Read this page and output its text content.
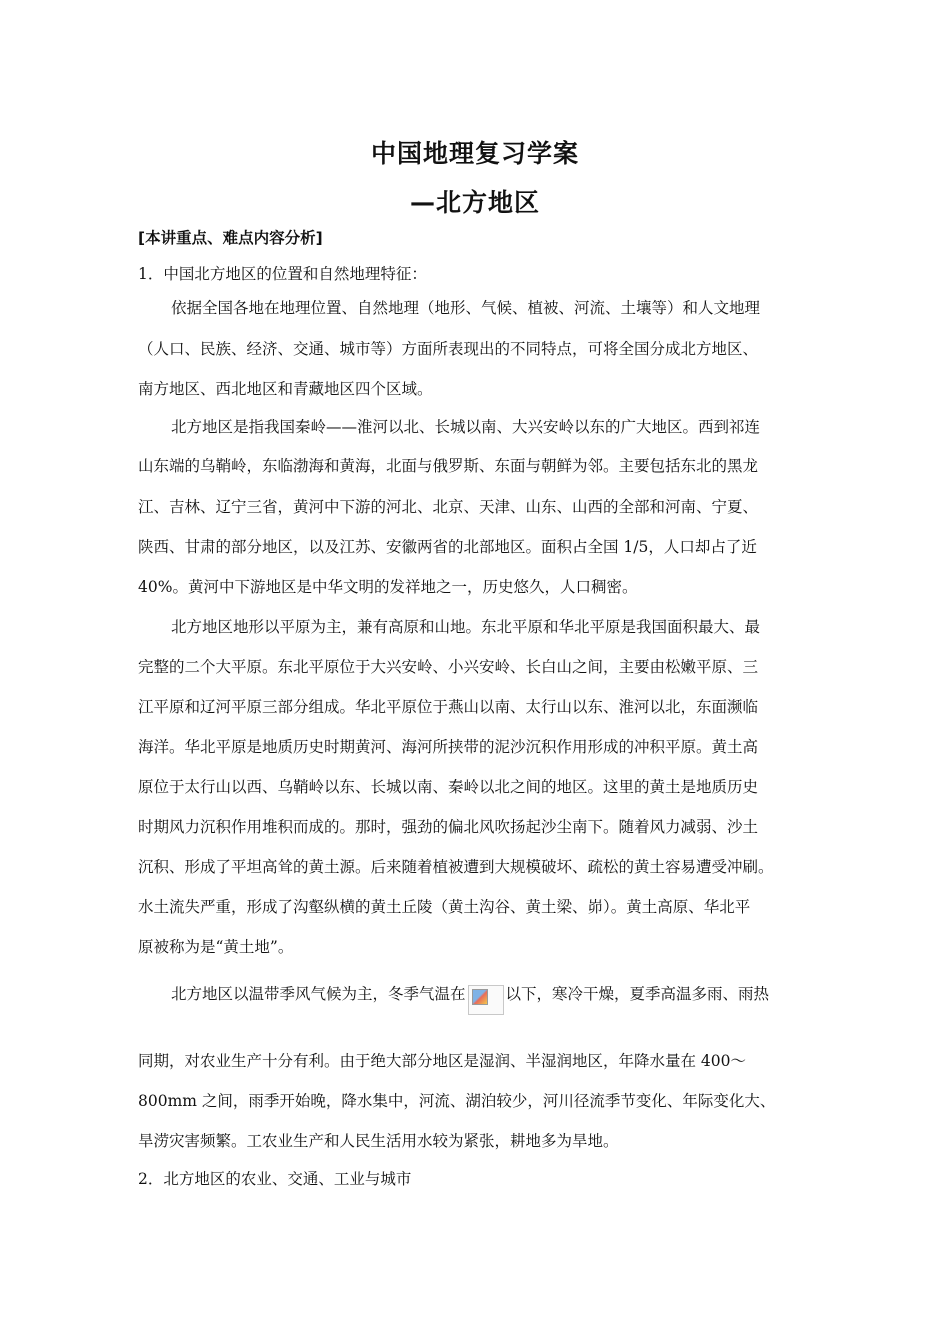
中国地理复习学案
—北方地区
[本讲重点、难点内容分析]
1．中国北方地区的位置和自然地理特征：
依据全国各地在地理位置、自然地理（地形、气候、植被、河流、土壤等）和人文地理
（人口、民族、经济、交通、城市等）方面所表现出的不同特点，可将全国分成北方地区、
南方地区、西北地区和青藏地区四个区域。
北方地区是指我国秦岭——淮河以北、长城以南、大兴安岭以东的广大地区。西到祁连
山东端的乌鞘岭，东临渤海和黄海，北面与俄罗斯、东面与朝鲜为邻。主要包括东北的黑龙
江、吉林、辽宁三省，黄河中下游的河北、北京、天津、山东、山西的全部和河南、宁夏、
陕西、甘肃的部分地区，以及江苏、安徽两省的北部地区。面积占全国 1/5，人口却占了近
40%。黄河中下游地区是中华文明的发祥地之一，历史悠久，人口稠密。
北方地区地形以平原为主，兼有高原和山地。东北平原和华北平原是我国面积最大、最
完整的二个大平原。东北平原位于大兴安岭、小兴安岭、长白山之间，主要由松嫩平原、三
江平原和辽河平原三部分组成。华北平原位于燕山以南、太行山以东、淮河以北，东面濒临
海洋。华北平原是地质历史时期黄河、海河所挟带的泥沙沉积作用形成的冲积平原。黄土高
原位于太行山以西、乌鞘岭以东、长城以南、秦岭以北之间的地区。这里的黄土是地质历史
时期风力沉积作用堆积而成的。那时，强劲的偏北风吹扬起沙尘南下。随着风力减弱、沙土
沉积、形成了平坦高耸的黄土源。后来随着植被遭到大规模破坏、疏松的黄土容易遭受冲刷。
水土流失严重，形成了沟壑纵横的黄土丘陵（黄土沟谷、黄土梁、峁）。黄土高原、华北平
原被称为是“黄土地”。
北方地区以温带季风气候为主，冬季气温在	以下，寒冷干燥，夏季高温多雨、雨热
同期，对农业生产十分有利。由于绝大部分地区是湿润、半湿润地区，年降水量在 400～
800mm 之间，雨季开始晚，降水集中，河流、湖泊较少，河川径流季节变化、年际变化大、
旱涝灾害频繁。工农业生产和人民生活用水较为紧张，耕地多为旱地。
2．北方地区的农业、交通、工业与城市
